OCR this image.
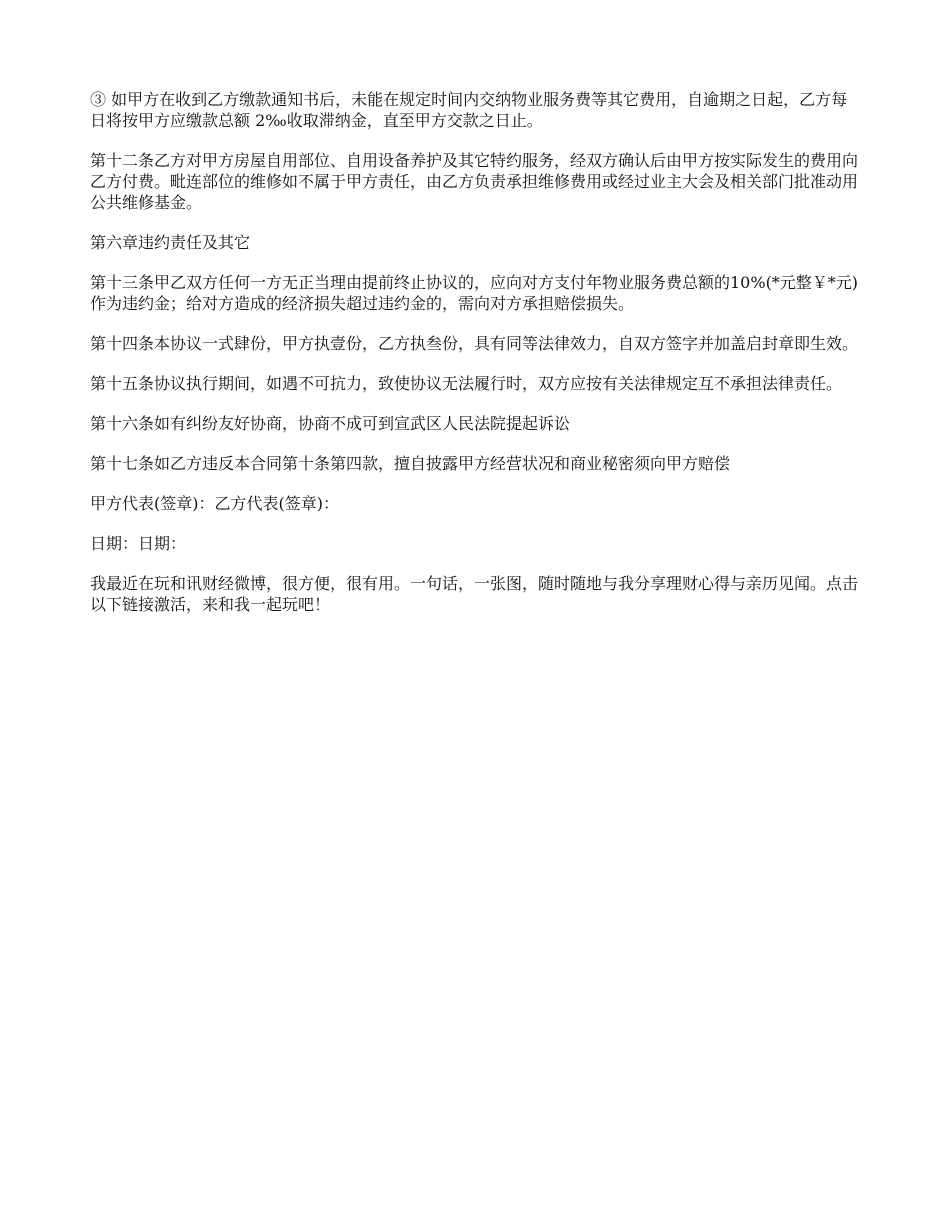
③ 如甲方在收到乙方缴款通知书后，未能在规定时间内交纳物业服务费等其它费用，自逾期之日起，乙方每日将按甲方应缴款总额 2‰收取滞纳金，直至甲方交款之日止。

第十二条乙方对甲方房屋自用部位、自用设备养护及其它特约服务，经双方确认后由甲方按实际发生的费用向乙方付费。毗连部位的维修如不属于甲方责任，由乙方负责承担维修费用或经过业主大会及相关部门批准动用公共维修基金。

第六章违约责任及其它

第十三条甲乙双方任何一方无正当理由提前终止协议的，应向对方支付年物业服务费总额的10%(*元整￥*元)作为违约金；给对方造成的经济损失超过违约金的，需向对方承担赔偿损失。

第十四条本协议一式肆份，甲方执壹份，乙方执叁份，具有同等法律效力，自双方签字并加盖启封章即生效。

第十五条协议执行期间，如遇不可抗力，致使协议无法履行时，双方应按有关法律规定互不承担法律责任。

第十六条如有纠纷友好协商，协商不成可到宣武区人民法院提起诉讼

第十七条如乙方违反本合同第十条第四款，擅自披露甲方经营状况和商业秘密须向甲方赔偿

甲方代表(签章)：乙方代表(签章)：

日期：日期：

我最近在玩和讯财经微博，很方便，很有用。一句话，一张图，随时随地与我分享理财心得与亲历见闻。点击以下链接激活，来和我一起玩吧！
